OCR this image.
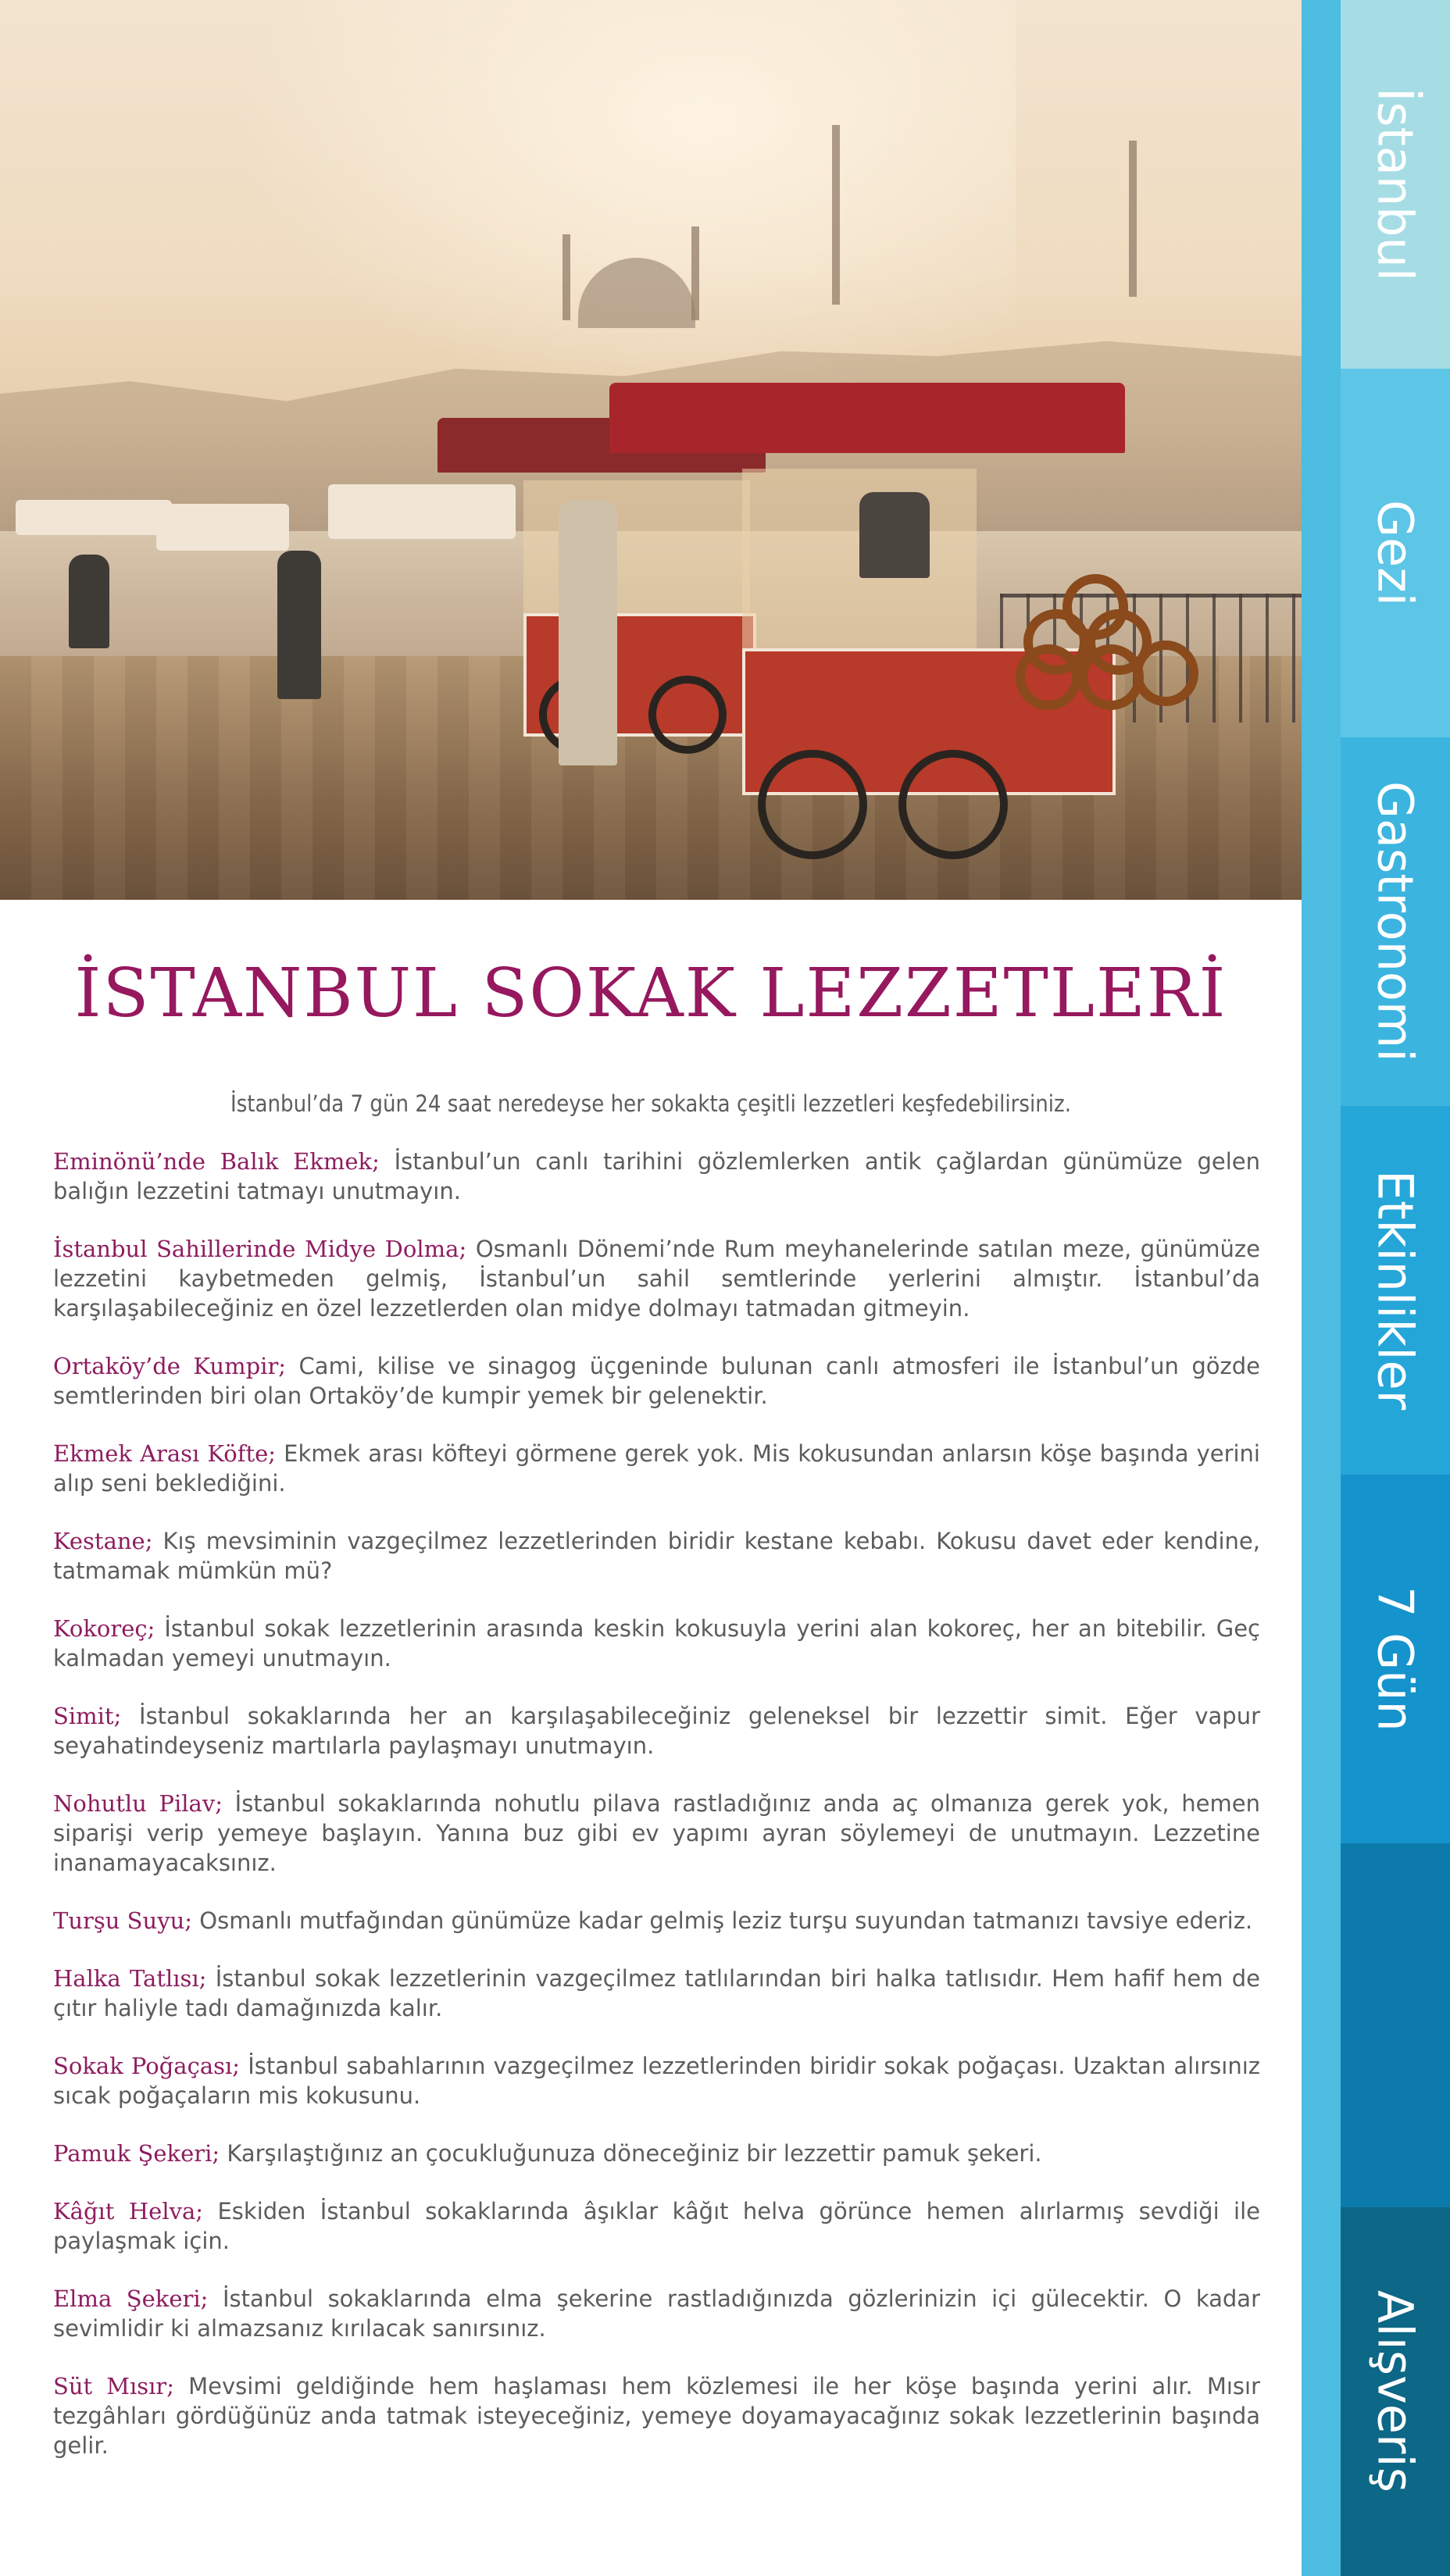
İSTANBUL SOKAK LEZZETLERİ
İstanbul’da 7 gün 24 saat neredeyse her sokakta çeşitli lezzetleri keşfedebilirsiniz.

Eminönü’nde Balık Ekmek; İstanbul’un canlı tarihini gözlemlerken antik çağlardan günümüze gelen balığın lezzetini tatmayı unutmayın.

İstanbul Sahillerinde Midye Dolma; Osmanlı Dönemi’nde Rum meyhanelerinde satılan meze, günümüze lezzetini kaybetmeden gelmiş, İstanbul’un sahil semtlerinde yerlerini almıştır. İstanbul’da karşılaşabileceğiniz en özel lezzetlerden olan midye dolmayı tatmadan gitmeyin.

Ortaköy’de Kumpir; Cami, kilise ve sinagog üçgeninde bulunan canlı atmosferi ile İstanbul’un gözde semtlerinden biri olan Ortaköy’de kumpir yemek bir gelenektir.

Ekmek Arası Köfte; Ekmek arası köfteyi görmene gerek yok. Mis kokusundan anlarsın köşe başında yerini alıp seni beklediğini.

Kestane; Kış mevsiminin vazgeçilmez lezzetlerinden biridir kestane kebabı. Kokusu davet eder kendine, tatmamak mümkün mü?

Kokoreç; İstanbul sokak lezzetlerinin arasında keskin kokusuyla yerini alan kokoreç, her an bitebilir. Geç kalmadan yemeyi unutmayın.

Simit; İstanbul sokaklarında her an karşılaşabileceğiniz geleneksel bir lezzettir simit. Eğer vapur seyahatindeyseniz martılarla paylaşmayı unutmayın.

Nohutlu Pilav; İstanbul sokaklarında nohutlu pilava rastladığınız anda aç olmanıza gerek yok, hemen siparişi verip yemeye başlayın. Yanına buz gibi ev yapımı ayran söylemeyi de unutmayın. Lezzetine inanamayacaksınız.

Turşu Suyu; Osmanlı mutfağından günümüze kadar gelmiş leziz turşu suyundan tatmanızı tavsiye ederiz.

Halka Tatlısı; İstanbul sokak lezzetlerinin vazgeçilmez tatlılarından biri halka tatlısıdır. Hem hafif hem de çıtır haliyle tadı damağınızda kalır.

Sokak Poğaçası; İstanbul sabahlarının vazgeçilmez lezzetlerinden biridir sokak poğaçası. Uzaktan alırsınız sıcak poğaçaların mis kokusunu.

Pamuk Şekeri; Karşılaştığınız an çocukluğunuza döneceğiniz bir lezzettir pamuk şekeri.

Kâğıt Helva; Eskiden İstanbul sokaklarında âşıklar kâğıt helva görünce hemen alırlarmış sevdiği ile paylaşmak için.

Elma Şekeri; İstanbul sokaklarında elma şekerine rastladığınızda gözlerinizin içi gülecektir. O kadar sevimlidir ki almazsanız kırılacak sanırsınız.

Süt Mısır; Mevsimi geldiğinde hem haşlaması hem közlemesi ile her köşe başında yerini alır. Mısır tezgâhları gördüğünüz anda tatmak isteyeceğiniz, yemeye doyamayacağınız sokak lezzetlerinin başında gelir.

İstanbul
Gezi
Gastronomi
Etkinlikler
7 Gün
Alışveriş
